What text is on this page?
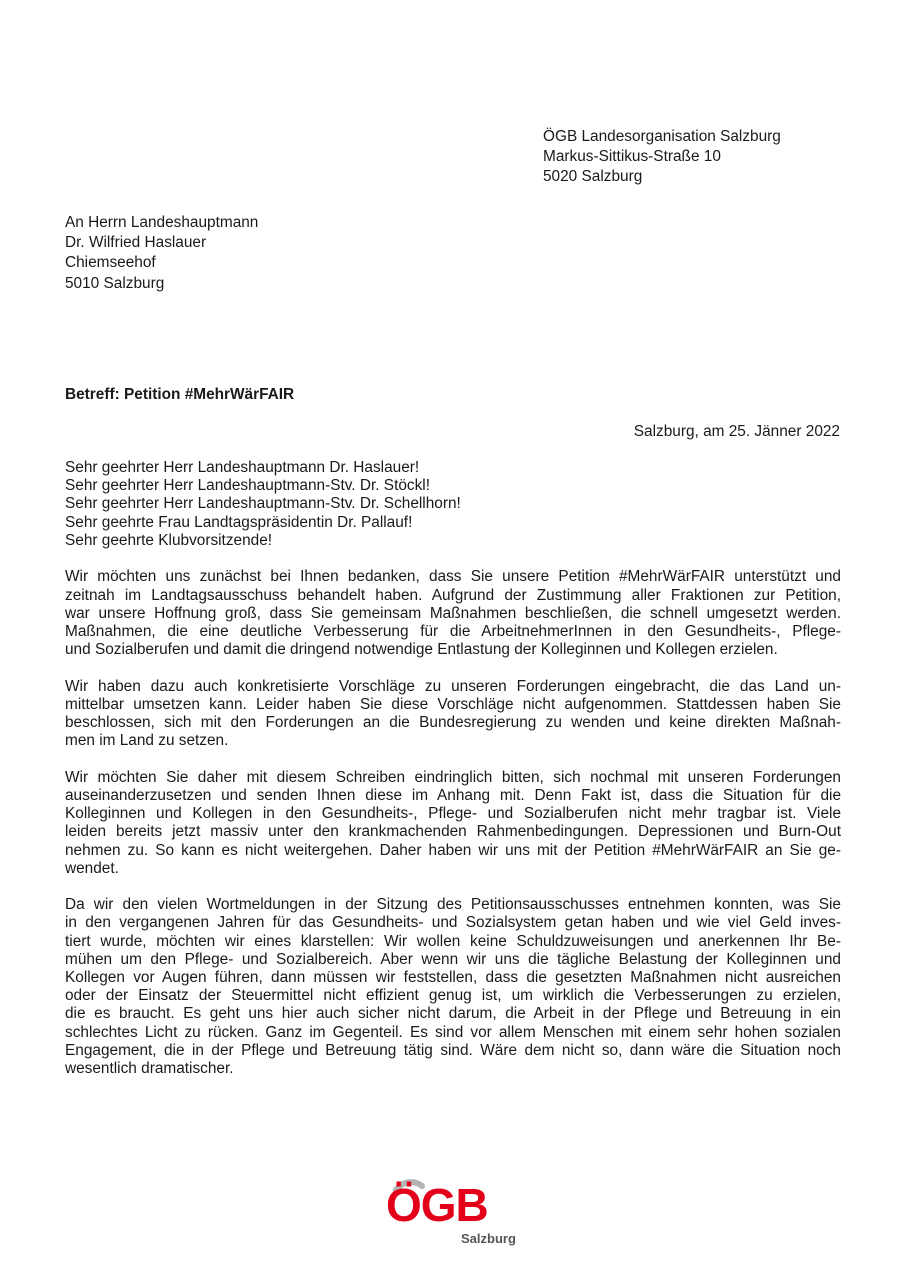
ÖGB Landesorganisation Salzburg
Markus-Sittikus-Straße 10
5020 Salzburg
An Herrn Landeshauptmann
Dr. Wilfried Haslauer
Chiemseehof
5010 Salzburg
Betreff: Petition #MehrWärFAIR
Salzburg, am 25. Jänner 2022
Sehr geehrter Herr Landeshauptmann Dr. Haslauer!
Sehr geehrter Herr Landeshauptmann-Stv. Dr. Stöckl!
Sehr geehrter Herr Landeshauptmann-Stv. Dr. Schellhorn!
Sehr geehrte Frau Landtagspräsidentin Dr. Pallauf!
Sehr geehrte Klubvorsitzende!
Wir möchten uns zunächst bei Ihnen bedanken, dass Sie unsere Petition #MehrWärFAIR unterstützt und
zeitnah im Landtagsausschuss behandelt haben. Aufgrund der Zustimmung aller Fraktionen zur Petition,
war unsere Hoffnung groß, dass Sie gemeinsam Maßnahmen beschließen, die schnell umgesetzt werden.
Maßnahmen, die eine deutliche Verbesserung für die ArbeitnehmerInnen in den Gesundheits-, Pflege-
und Sozialberufen und damit die dringend notwendige Entlastung der Kolleginnen und Kollegen erzielen.
Wir haben dazu auch konkretisierte Vorschläge zu unseren Forderungen eingebracht, die das Land un-
mittelbar umsetzen kann. Leider haben Sie diese Vorschläge nicht aufgenommen. Stattdessen haben Sie
beschlossen, sich mit den Forderungen an die Bundesregierung zu wenden und keine direkten Maßnah-
men im Land zu setzen.
Wir möchten Sie daher mit diesem Schreiben eindringlich bitten, sich nochmal mit unseren Forderungen
auseinanderzusetzen und senden Ihnen diese im Anhang mit. Denn Fakt ist, dass die Situation für die
Kolleginnen und Kollegen in den Gesundheits-, Pflege- und Sozialberufen nicht mehr tragbar ist. Viele
leiden bereits jetzt massiv unter den krankmachenden Rahmenbedingungen. Depressionen und Burn-Out
nehmen zu. So kann es nicht weitergehen. Daher haben wir uns mit der Petition #MehrWärFAIR an Sie ge-
wendet.
Da wir den vielen Wortmeldungen in der Sitzung des Petitionsausschusses entnehmen konnten, was Sie
in den vergangenen Jahren für das Gesundheits- und Sozialsystem getan haben und wie viel Geld inves-
tiert wurde, möchten wir eines klarstellen: Wir wollen keine Schuldzuweisungen und anerkennen Ihr Be-
mühen um den Pflege- und Sozialbereich. Aber wenn wir uns die tägliche Belastung der Kolleginnen und
Kollegen vor Augen führen, dann müssen wir feststellen, dass die gesetzten Maßnahmen nicht ausreichen
oder der Einsatz der Steuermittel nicht effizient genug ist, um wirklich die Verbesserungen zu erzielen,
die es braucht. Es geht uns hier auch sicher nicht darum, die Arbeit in der Pflege und Betreuung in ein
schlechtes Licht zu rücken. Ganz im Gegenteil. Es sind vor allem Menschen mit einem sehr hohen sozialen
Engagement, die in der Pflege und Betreuung tätig sind. Wäre dem nicht so, dann wäre die Situation noch
wesentlich dramatischer.
ÖGB
Salzburg
